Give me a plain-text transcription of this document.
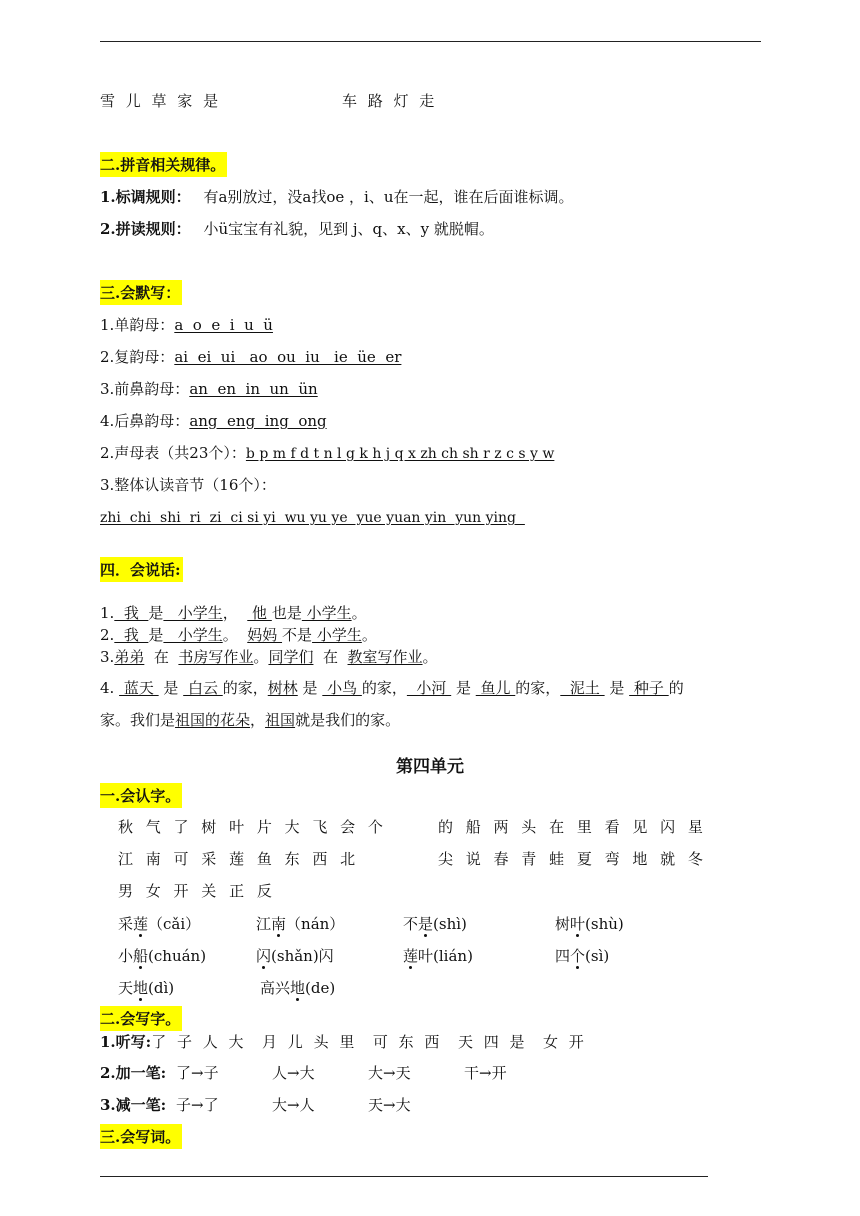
雪 儿 草 家 是	车 路 灯 走
二.拼音相关规律。
1.标调规则： 有a别放过，没a找oe ，i、u在一起，谁在后面谁标调。
2.拼读规则： 小ü宝宝有礼貌，见到 j、q、x、y 就脱帽。
三.会默写：
1.单韵母：a  o  e  i  u  ü
2.复韵母：ai  ei  ui   ao  ou  iu   ie  üe  er
3.前鼻韵母：an  en  in  un  ün
4.后鼻韵母：ang  eng  ing  ong
2.声母表（共23个）：b p m f d t n l g k h j q x zh ch sh r z c s y w
3.整体认读音节（16个）：
zhi  chi  shi  ri  zi  ci si yi  wu yu ye  yue yuan yin  yun ying
四．会说话:

1.  我  是   小学生，   他 也是 小学生。

2.  我  是   小学生。  妈妈 不是 小学生。

3.弟弟  在  书房写作业。同学们  在  教室写作业。

4.  蓝天  是  白云 的家，树林 是  小鸟 的家，  小河  是  鱼儿 的家，  泥土  是  种子 的

家。我们是祖国的花朵，祖国就是我们的家。
第四单元
一.会认字。
秋 气 了 树 叶 片 大 飞 会 个	的 船 两 头 在 里 看 见 闪 星
江 南 可 采 莲 鱼 东 西 北	尖 说 春 青 蛙 夏 弯 地 就 冬
男 女 开 关 正 反
采莲（cǎi）	江南（nán）	不是(shì)	树叶(shù)
小船(chuán)	闪(shǎn)闪	莲叶(lián)	四个(sì)
天地(dì)	高兴地(de)
二.会写字。
1.听写:了 子 人 大  月 儿 头 里  可 东 西  天 四 是  女 开
2.加一笔: 了→子	人→大	大→天	干→开
3.减一笔: 子→了	大→人	天→大
三.会写词。
